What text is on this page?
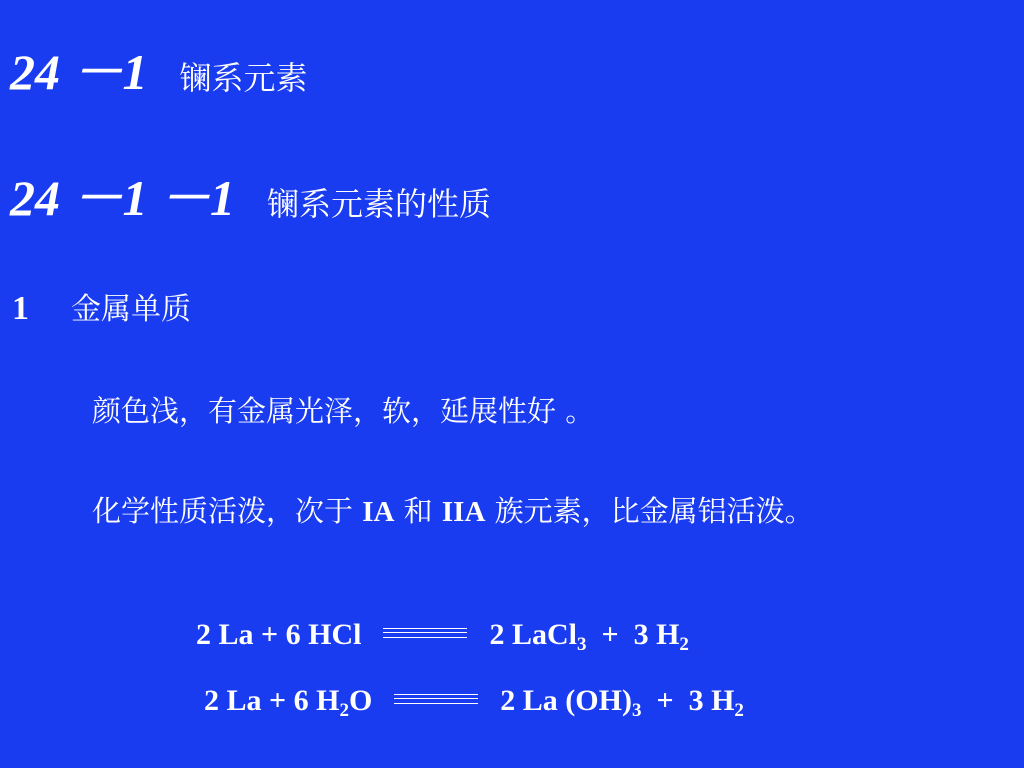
24 －1 镧系元素
24 －1 －1 镧系元素的性质
1 金属单质
颜色浅，有金属光泽，软，延展性好 。
化学性质活泼，次于 IA 和 IIA 族元素，比金属铝活泼。
2 La + 6 HCl	2 LaCl$_3$  +  3 $H_2$
2 La + 6 $H_2O$	2 La $(OH)_3 + 3$ $H_2$
